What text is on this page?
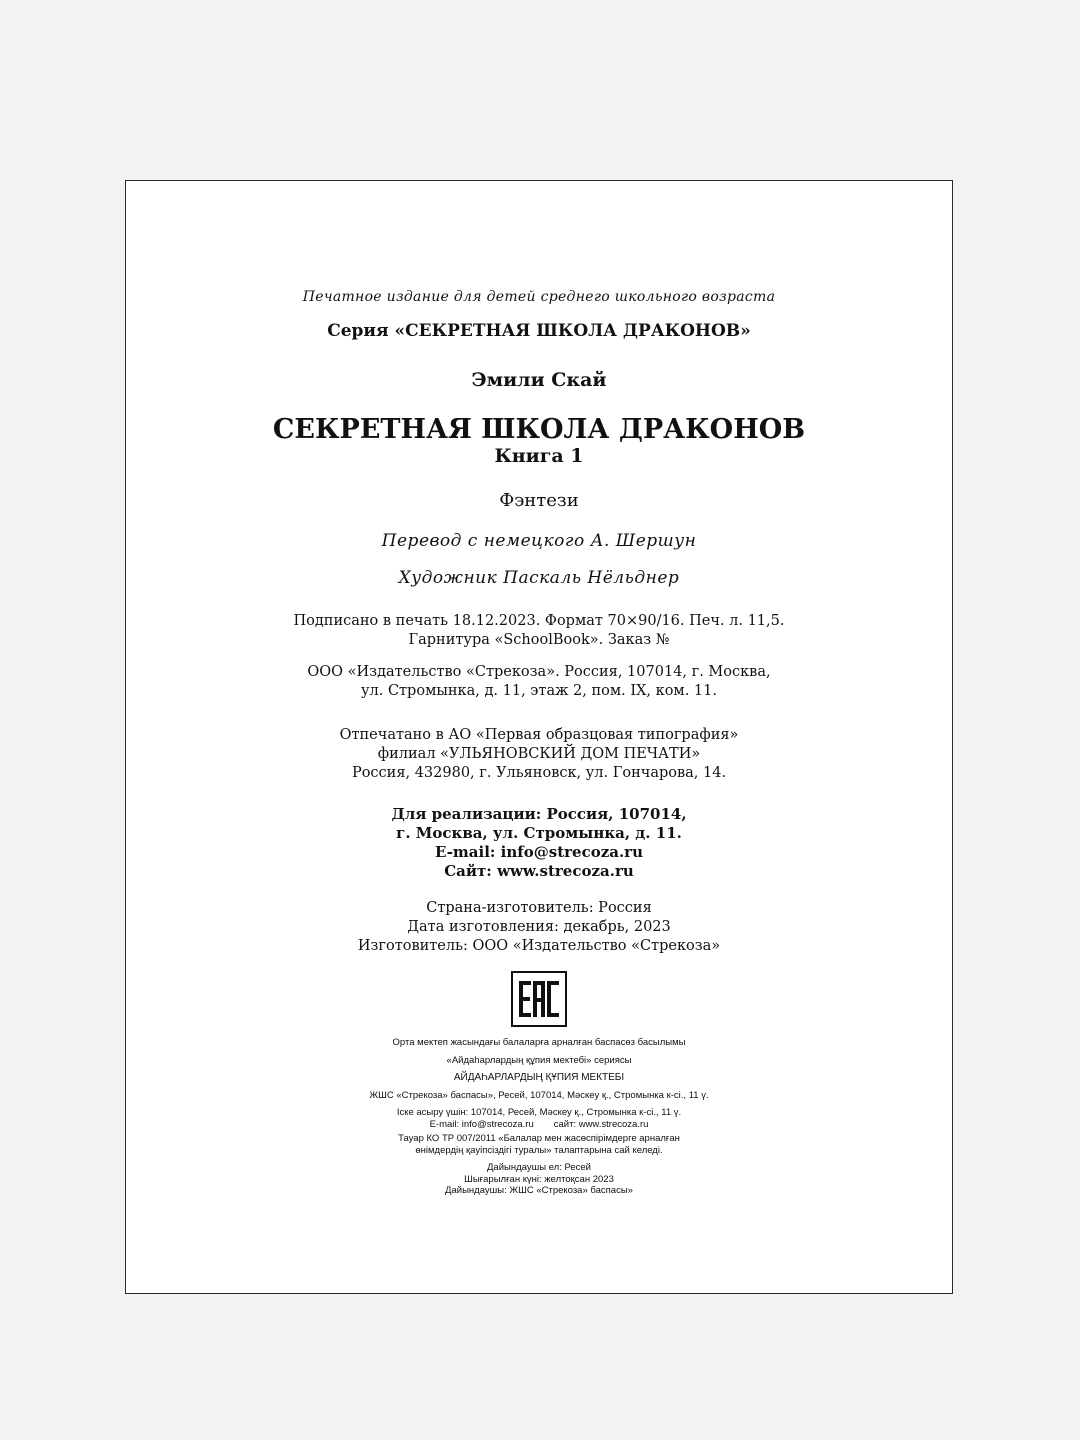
Печатное издание для детей среднего школьного возраста
Серия «СЕКРЕТНАЯ ШКОЛА ДРАКОНОВ»
Эмили Скай
СЕКРЕТНАЯ ШКОЛА ДРАКОНОВ
Книга 1
Фэнтези
Перевод с немецкого А. Шершун
Художник Паскаль Нёльднер
Подписано в печать 18.12.2023. Формат 70×90/16. Печ. л. 11,5.
Гарнитура «SchoolBook». Заказ №
ООО «Издательство «Стрекоза». Россия, 107014, г. Москва,
ул. Стромынка, д. 11, этаж 2, пом. IX, ком. 11.
Отпечатано в АО «Первая образцовая типография»
филиал «УЛЬЯНОВСКИЙ ДОМ ПЕЧАТИ»
Россия, 432980, г. Ульяновск, ул. Гончарова, 14.
Для реализации: Россия, 107014,
г. Москва, ул. Стромынка, д. 11.
E-mail: info@strecoza.ru
Сайт: www.strecoza.ru
Страна-изготовитель: Россия
Дата изготовления: декабрь, 2023
Изготовитель: ООО «Издательство «Стрекоза»
Орта мектеп жасындағы балаларға арналған баспасөз басылымы
«Айдаһарлардың құпия мектебі» сериясы
АЙДАҺАРЛАРДЫҢ ҚҰПИЯ МЕКТЕБІ
ЖШС «Стрекоза» баспасы», Ресей, 107014, Мәскеу қ., Стромынка к-сі., 11 ү.
Іске асыру үшін: 107014, Ресей, Мәскеу қ., Стромынка к-сі., 11 ү.
E-mail: info@strecoza.ru сайт: www.strecoza.ru
Тауар КО ТР 007/2011 «Балалар мен жасөспірімдерге арналған
өнімдердің қауіпсіздігі туралы» талаптарына сай келеді.
Дайындаушы ел: Ресей
Шығарылған күні: желтоқсан 2023
Дайындаушы: ЖШС «Стрекоза» баспасы»
